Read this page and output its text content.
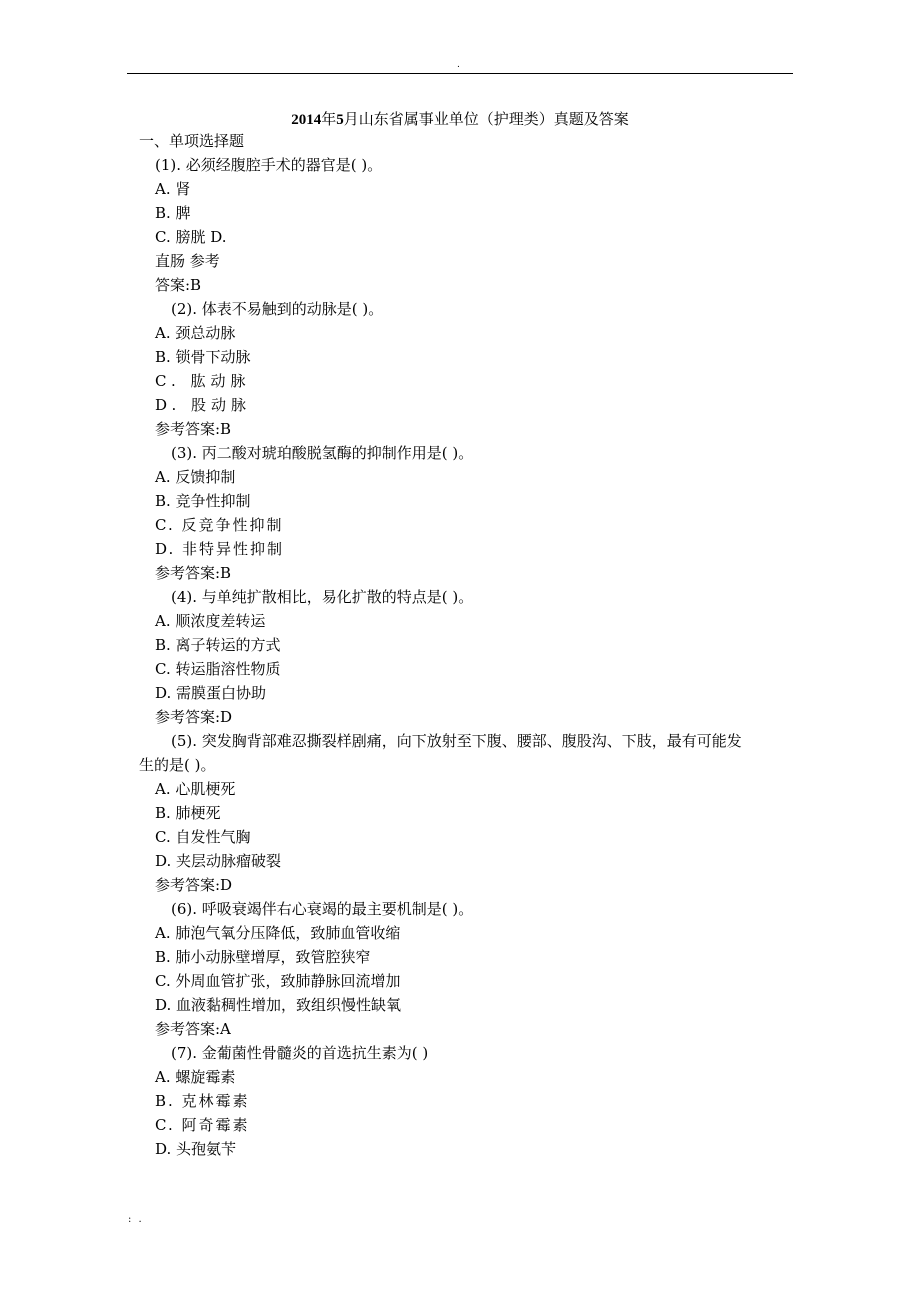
.
2014年5月山东省属事业单位（护理类）真题及答案
一、单项选择题
(1). 必须经腹腔手术的器官是( )。
A. 肾
B. 脾
C. 膀胱 D.
直肠 参考
答案:B
(2). 体表不易触到的动脉是( )。
A. 颈总动脉
B. 锁骨下动脉
C. 肱动脉
D. 股动脉
参考答案:B
(3). 丙二酸对琥珀酸脱氢酶的抑制作用是( )。
A. 反馈抑制
B. 竞争性抑制
C. 反竞争性抑制
D. 非特异性抑制
参考答案:B
(4). 与单纯扩散相比，易化扩散的特点是( )。
A. 顺浓度差转运
B. 离子转运的方式
C. 转运脂溶性物质
D. 需膜蛋白协助
参考答案:D
(5). 突发胸背部难忍撕裂样剧痛，向下放射至下腹、腰部、腹股沟、下肢，最有可能发
生的是( )。
A. 心肌梗死
B. 肺梗死
C. 自发性气胸
D. 夹层动脉瘤破裂
参考答案:D
(6). 呼吸衰竭伴右心衰竭的最主要机制是( )。
A. 肺泡气氧分压降低，致肺血管收缩
B. 肺小动脉壁增厚，致管腔狭窄
C. 外周血管扩张，致肺静脉回流增加
D. 血液黏稠性增加，致组织慢性缺氧
参考答案:A
(7). 金葡菌性骨髓炎的首选抗生素为( )
A. 螺旋霉素
B. 克林霉素
C. 阿奇霉素
D. 头孢氨苄
: .
